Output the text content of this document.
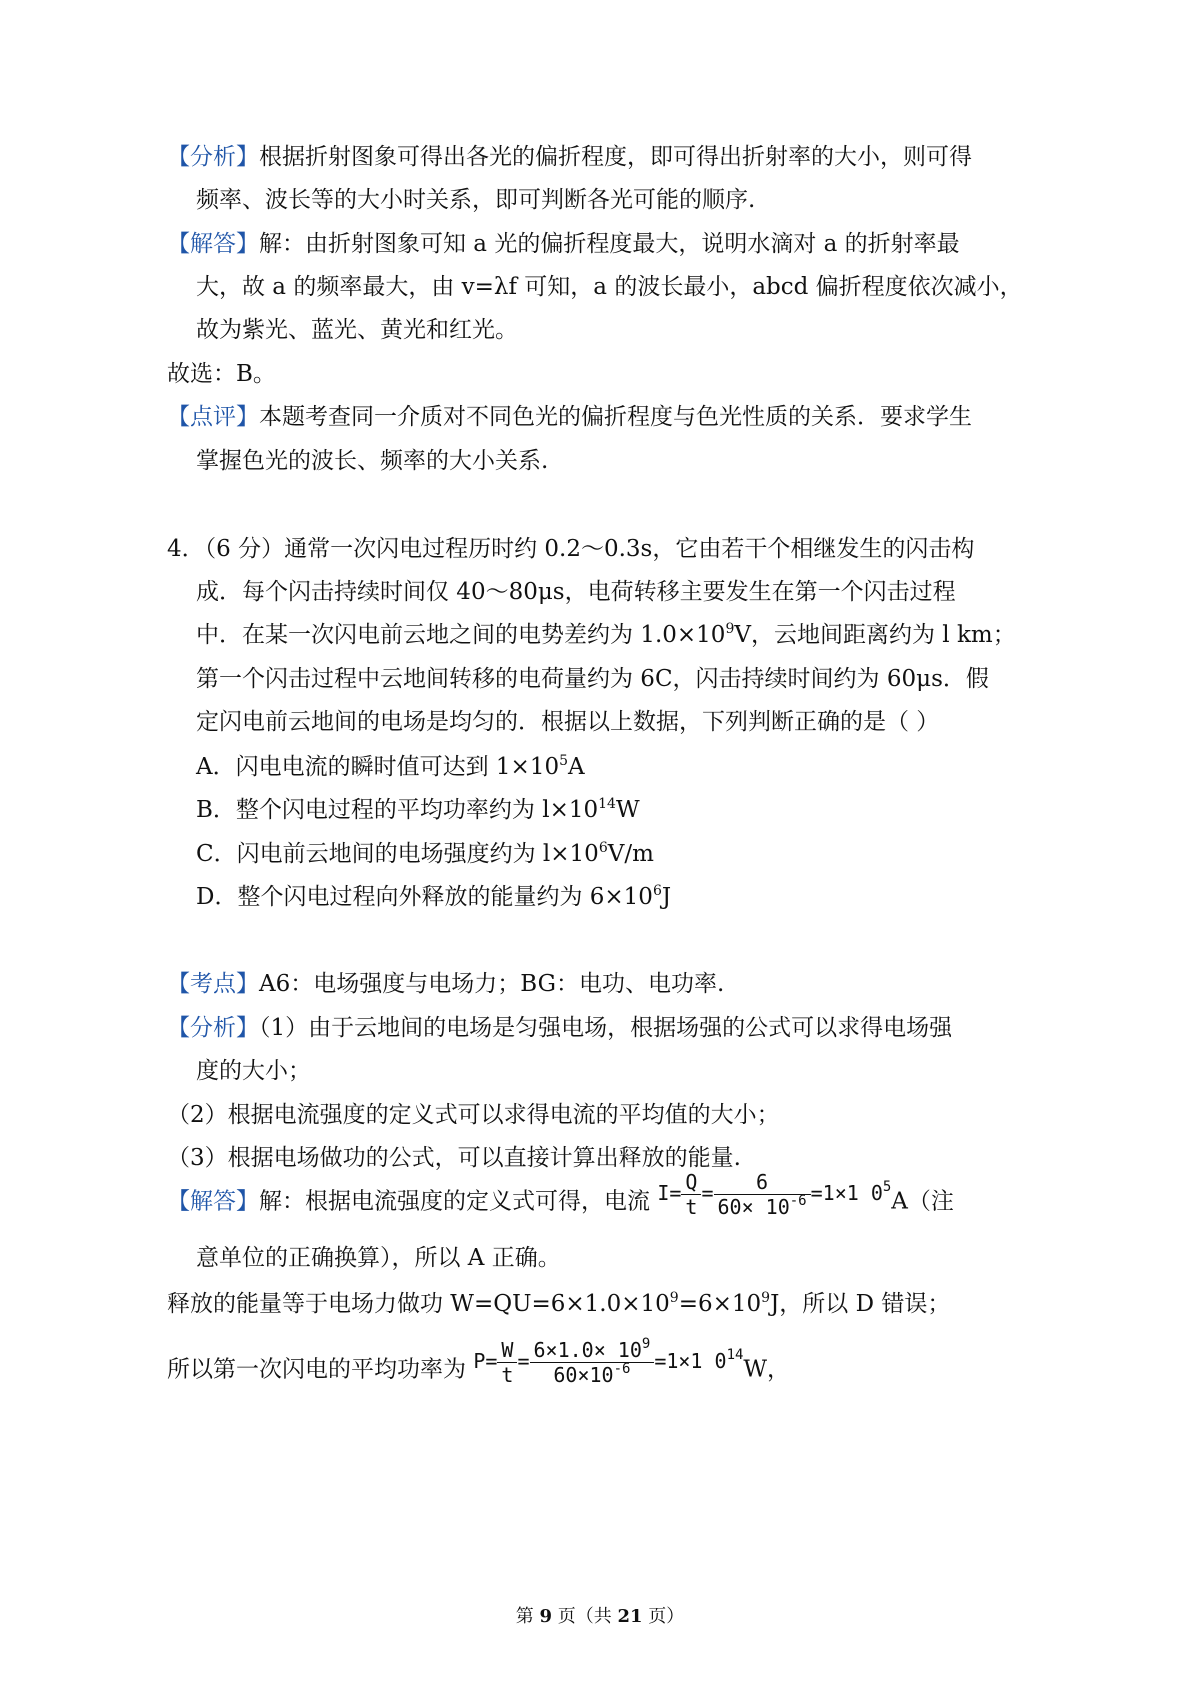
【分析】根据折射图象可得出各光的偏折程度，即可得出折射率的大小，则可得
频率、波长等的大小时关系，即可判断各光可能的顺序.
【解答】解：由折射图象可知 a 光的偏折程度最大，说明水滴对 a 的折射率最
大，故 a 的频率最大，由 v=λf 可知，a 的波长最小，abcd 偏折程度依次减小，
故为紫光、蓝光、黄光和红光。
故选：B。
【点评】本题考查同一介质对不同色光的偏折程度与色光性质的关系．要求学生
掌握色光的波长、频率的大小关系.
4．（6 分）通常一次闪电过程历时约 0.2～0.3s，它由若干个相继发生的闪击构
成．每个闪击持续时间仅 40～80μs，电荷转移主要发生在第一个闪击过程
中．在某一次闪电前云地之间的电势差约为 $1.0\times 10^9V$，云地间距离约为 l km；
第一个闪击过程中云地间转移的电荷量约为 6C，闪击持续时间约为 60μs．假
定闪电前云地间的电场是均匀的．根据以上数据，下列判断正确的是（ ）
A．闪电电流的瞬时值可达到 $1\times 10^5A$
B．整个闪电过程的平均功率约为 $l\times 10^{14}W$
C．闪电前云地间的电场强度约为 $l\times 10^6V/m$
D．整个闪电过程向外释放的能量约为 $6\times 10^6J$
【考点】A6：电场强度与电场力；BG：电功、电功率.
【分析】（1）由于云地间的电场是匀强电场，根据场强的公式可以求得电场强
度的大小；
（2）根据电流强度的定义式可以求得电流的平均值的大小；
（3）根据电场做功的公式，可以直接计算出释放的能量.
【解答】解：根据电流强度的定义式可得，电流 $I= \frac{Q}{t} = \frac{6}{60\times 10^{-6}} =1\times 1$ $0^5A$（注
意单位的正确换算），所以 A 正确。
释放的能量等于电场力做功 $W=QU=6\times 1.0\times 10^9=6\times 10^9J$，所以 D 错误；
所以第一次闪电的平均功率为 $P= \frac{W}{t} = \frac{6\times 1.0\times 10^9}{60\times 10^{-6}} =1\times 1$ $0^{14}W$，
第 9 页（共 21 页）
